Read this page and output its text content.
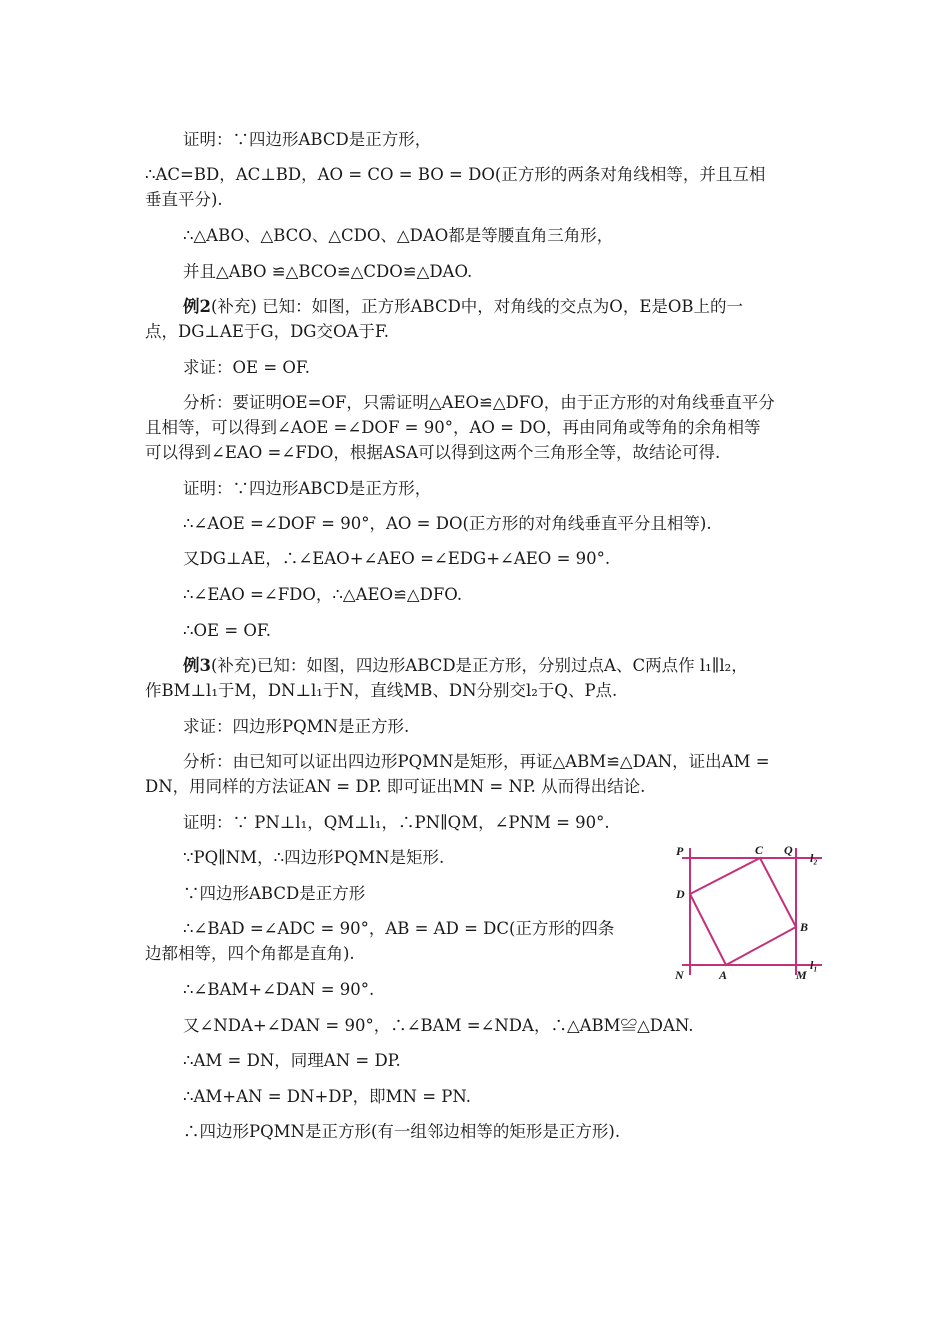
证明：∵四边形ABCD是正方形，
∴AC=BD，AC⊥BD，AO = CO = BO = DO(正方形的两条对角线相等，并且互相
垂直平分).
∴△ABO、△BCO、△CDO、△DAO都是等腰直角三角形，
并且△ABO ≌△BCO≌△CDO≌△DAO.
例2(补充) 已知：如图，正方形ABCD中，对角线的交点为O，E是OB上的一
点，DG⊥AE于G，DG交OA于F.
求证：OE = OF.
分析：要证明OE=OF，只需证明△AEO≌△DFO，由于正方形的对角线垂直平分
且相等，可以得到∠AOE =∠DOF = 90°，AO = DO，再由同角或等角的余角相等
可以得到∠EAO =∠FDO，根据ASA可以得到这两个三角形全等，故结论可得.
证明：∵四边形ABCD是正方形，
∴∠AOE =∠DOF = 90°，AO = DO(正方形的对角线垂直平分且相等).
又DG⊥AE，∴∠EAO+∠AEO =∠EDG+∠AEO = 90°.
∴∠EAO =∠FDO，∴△AEO≌△DFO.
∴OE = OF.
例3(补充)已知：如图，四边形ABCD是正方形，分别过点A、C两点作 l₁∥l₂，
作BM⊥l₁于M，DN⊥l₁于N，直线MB、DN分别交l₂于Q、P点.
求证：四边形PQMN是正方形.
分析：由已知可以证出四边形PQMN是矩形，再证△ABM≌△DAN，证出AM =
DN，用同样的方法证AN = DP. 即可证出MN = NP. 从而得出结论.
证明：∵ PN⊥l₁，QM⊥l₁，∴PN∥QM，∠PNM = 90°.
∵PQ∥NM，∴四边形PQMN是矩形.
∵四边形ABCD是正方形
∴∠BAD =∠ADC = 90°，AB = AD = DC(正方形的四条
边都相等，四个角都是直角).
∴∠BAM+∠DAN = 90°.
又∠NDA+∠DAN = 90°，∴∠BAM =∠NDA，∴△ABM≌△DAN.
∴AM = DN，同理AN = DP.
∴AM+AN = DN+DP，即MN = PN.
∴四边形PQMN是正方形(有一组邻边相等的矩形是正方形).
P	C Q
l₂
D
B
N	A	M
l₁
